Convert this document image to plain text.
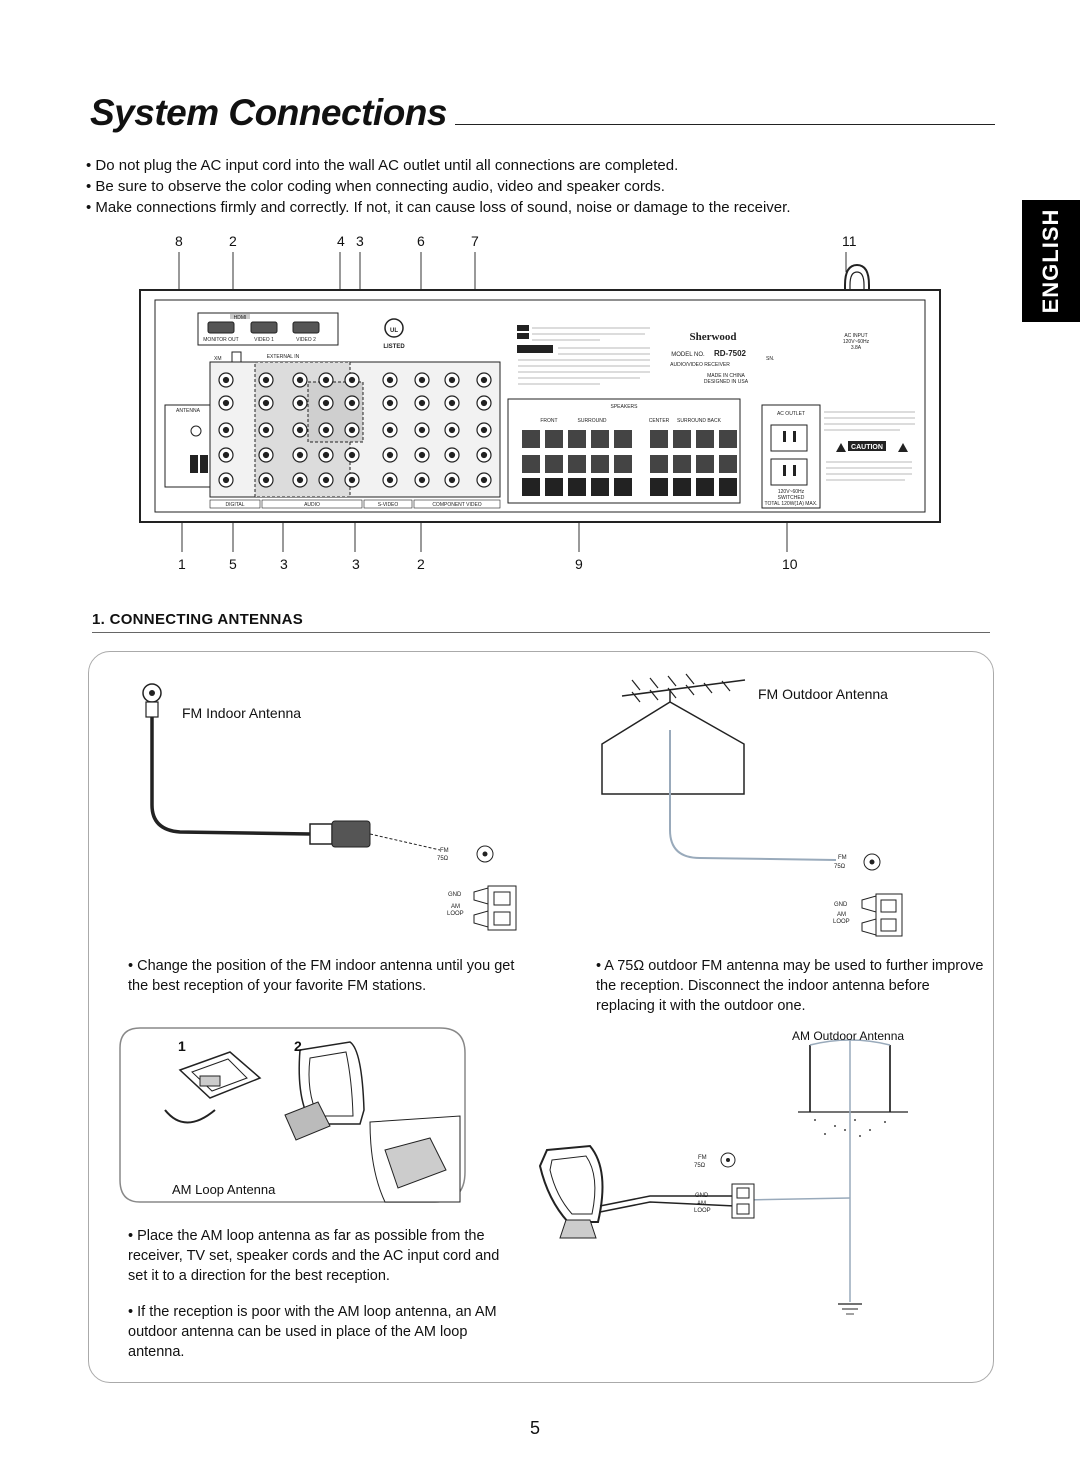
System Connections
• Do not plug the AC input cord into the wall AC outlet until all connections are completed.
• Be sure to observe the color coding when connecting audio, video and speaker cords.
• Make connections firmly and correctly. If not, it can cause loss of sound, noise or damage to the receiver.
ENGLISH
8	2	4 3	6	7	11
1	5	3	3	2	9	10
HDMI
MONITOR OUT	VIDEO 1	VIDEO 2
XM
ANTENNA
EXTERNAL IN
DIGITAL	AUDIO	S-VIDEO	COMPONENT VIDEO
UL
LISTED
Sherwood
MODEL NO. RD-7502
AUDIO/VIDEO RECEIVER
MADE IN CHINA
DESIGNED IN USA
SN.
AC INPUT
120V~60Hz
3.8A
SPEAKERS
FRONT	SURROUND	CENTER SURROUND BACK
AC OUTLET
120V~60Hz
SWITCHED
TOTAL 120W(1A) MAX.
CAUTION
1. CONNECTING ANTENNAS
FM
75Ω
GND
AM
LOOP
FM
75Ω
GND
AM
LOOP
FM
75Ω
GND
AM
LOOP
FM Indoor Antenna
FM Outdoor Antenna
• Change the position of the FM indoor antenna until you get the best reception of your favorite FM stations.
• A 75Ω outdoor FM antenna may be used to further improve the reception. Disconnect the indoor antenna before replacing it with the outdoor one.
AM Outdoor Antenna
1	2
AM Loop Antenna
• Place the AM loop antenna as far as possible from the receiver, TV set, speaker cords and the AC input cord and set it to a direction for the best reception.
• If the reception is poor with the AM loop antenna, an AM outdoor antenna can be used in place of the AM loop antenna.
5
